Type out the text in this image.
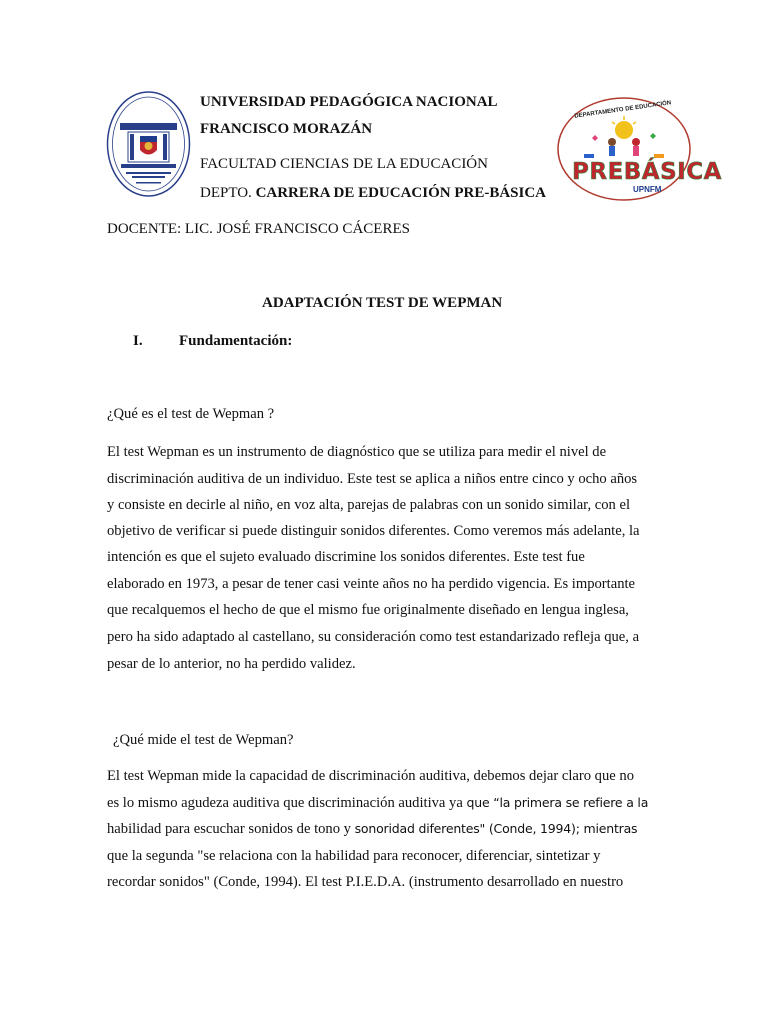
FRANCISCO MORAZÁN
UNIVERSIDAD PEDAGÓGICA NACIONAL
FRANCISCO MORAZÁN
FACULTAD CIENCIAS DE LA EDUCACIÓN
DEPTO. CARRERA DE EDUCACIÓN PRE-BÁSICA
DEPARTAMENTO DE EDUCACIÓN
PREBÁSICA
UPNFM
DOCENTE: LIC. JOSÉ FRANCISCO CÁCERES
ADAPTACIÓN TEST DE WEPMAN
I. Fundamentación:
¿Qué es el test de Wepman ?
El test Wepman es un instrumento de diagnóstico que se utiliza para medir el nivel de
discriminación auditiva de un individuo. Este test se aplica a niños entre cinco y ocho años
y consiste en decirle al niño, en voz alta, parejas de palabras con un sonido similar, con el
objetivo de verificar si puede distinguir sonidos diferentes. Como veremos más adelante, la
intención es que el sujeto evaluado discrimine los sonidos diferentes. Este test fue
elaborado en 1973, a pesar de tener casi veinte años no ha perdido vigencia. Es importante
que recalquemos el hecho de que el mismo fue originalmente diseñado en lengua inglesa,
pero ha sido adaptado al castellano, su consideración como test estandarizado refleja que, a
pesar de lo anterior, no ha perdido validez.
¿Qué mide el test de Wepman?
El test Wepman mide la capacidad de discriminación auditiva, debemos dejar claro que no
es lo mismo agudeza auditiva que discriminación auditiva ya que “la primera se refiere a la
habilidad para escuchar sonidos de tono y sonoridad diferentes" (Conde, 1994); mientras
que la segunda "se relaciona con la habilidad para reconocer, diferenciar, sintetizar y
recordar sonidos" (Conde, 1994). El test P.I.E.D.A. (instrumento desarrollado en nuestro
